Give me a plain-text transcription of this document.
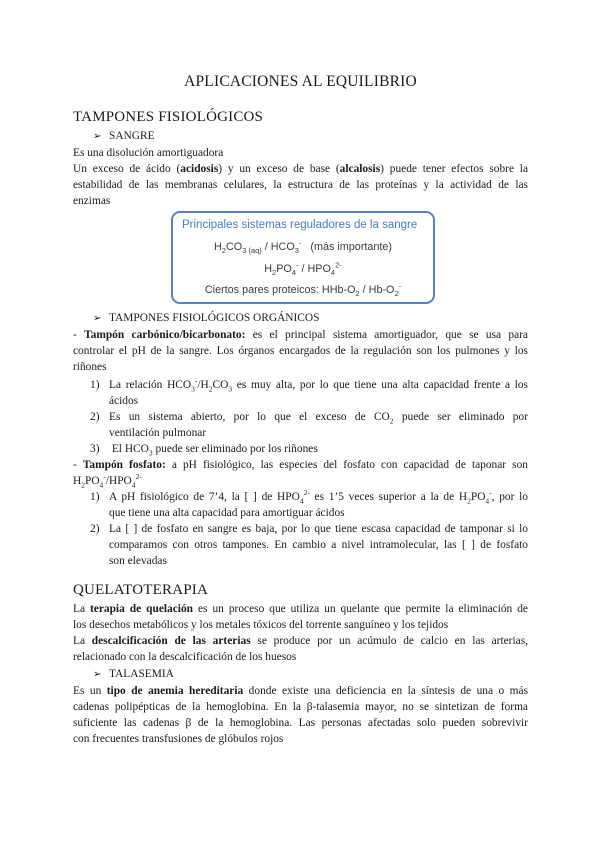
APLICACIONES AL EQUILIBRIO
TAMPONES FISIOLÓGICOS
➢ SANGRE
Es una disolución amortiguadora
Un exceso de ácido (acidosis) y un exceso de base (alcalosis) puede tener efectos sobre la
estabilidad de las membranas celulares, la estructura de las proteínas y la actividad de las
enzimas
Principales sistemas reguladores de la sangre
$H_2CO_{3 (aq)} / HCO_3^-$   (más importante)
$H_2PO_4^- / HPO_4^{2-}$
Ciertos pares proteicos: HHb-$O_2 / Hb-O_2^-$
➢ TAMPONES FISIOLÓGICOS ORGÁNICOS
- Tampón carbónico/bicarbonato: es el principal sistema amortiguador, que se usa para
controlar el pH de la sangre. Los órganos encargados de la regulación son los pulmones y los
riñones
1) La relación $HCO_3^-/H_2CO_3$ es muy alta, por lo que tiene una alta capacidad frente a los
ácidos
2) Es un sistema abierto, por lo que el exceso de $CO_2$ puede ser eliminado por
ventilación pulmonar
3) El $HCO_3$ puede ser eliminado por los riñones
- Tampón fosfato: a pH fisiológico, las especies del fosfato con capacidad de taponar son
$H_2PO_4^-/HPO_4^{2-}$
1) A pH fisiológico de 7’4, la [ ] de $HPO_4^{2-}$ es 1’5 veces superior a la de $H_2PO_4^-$, por lo
que tiene una alta capacidad para amortiguar ácidos
2) La [ ] de fosfato en sangre es baja, por lo que tiene escasa capacidad de tamponar si lo
comparamos con otros tampones. En cambio a nivel intramolecular, las [ ] de fosfato
son elevadas
QUELATOTERAPIA
La terapia de quelación es un proceso que utiliza un quelante que permite la eliminación de
los desechos metabólicos y los metales tóxicos del torrente sanguíneo y los tejidos
La descalcificación de las arterias se produce por un acúmulo de calcio en las arterias,
relacionado con la descalcificación de los huesos
➢ TALASEMIA
Es un tipo de anemia hereditaria donde existe una deficiencia en la síntesis de una o más
cadenas polipépticas de la hemoglobina. En la β-talasemia mayor, no se sintetizan de forma
suficiente las cadenas β de la hemoglobina. Las personas afectadas solo pueden sobrevivir
con frecuentes transfusiones de glóbulos rojos
